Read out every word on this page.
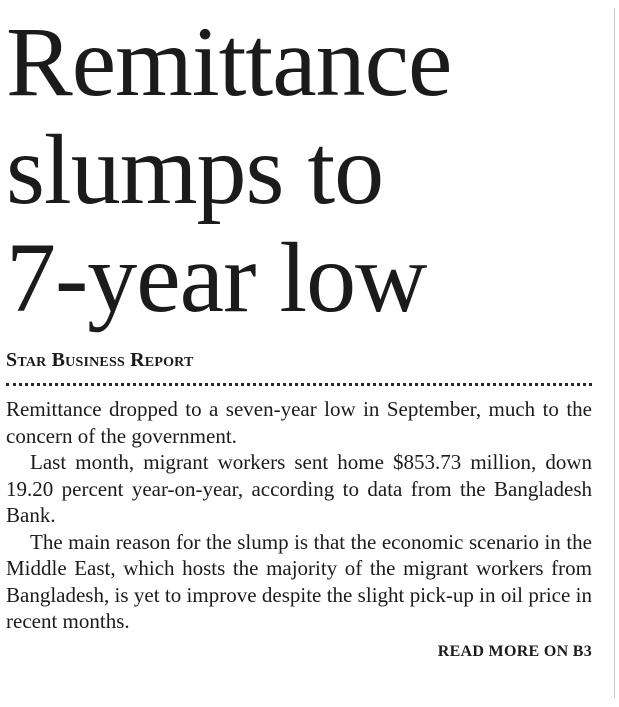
Remittance
slumps to
7-year low
Star Business Report

Remittance dropped to a seven-year low in September, much to the concern of the government.

Last month, migrant workers sent home $853.73 million, down 19.20 percent year-on-year, according to data from the Bangladesh Bank.

The main reason for the slump is that the economic scenario in the Middle East, which hosts the majority of the migrant workers from Bangladesh, is yet to improve despite the slight pick-up in oil price in recent months.

READ MORE ON B3
